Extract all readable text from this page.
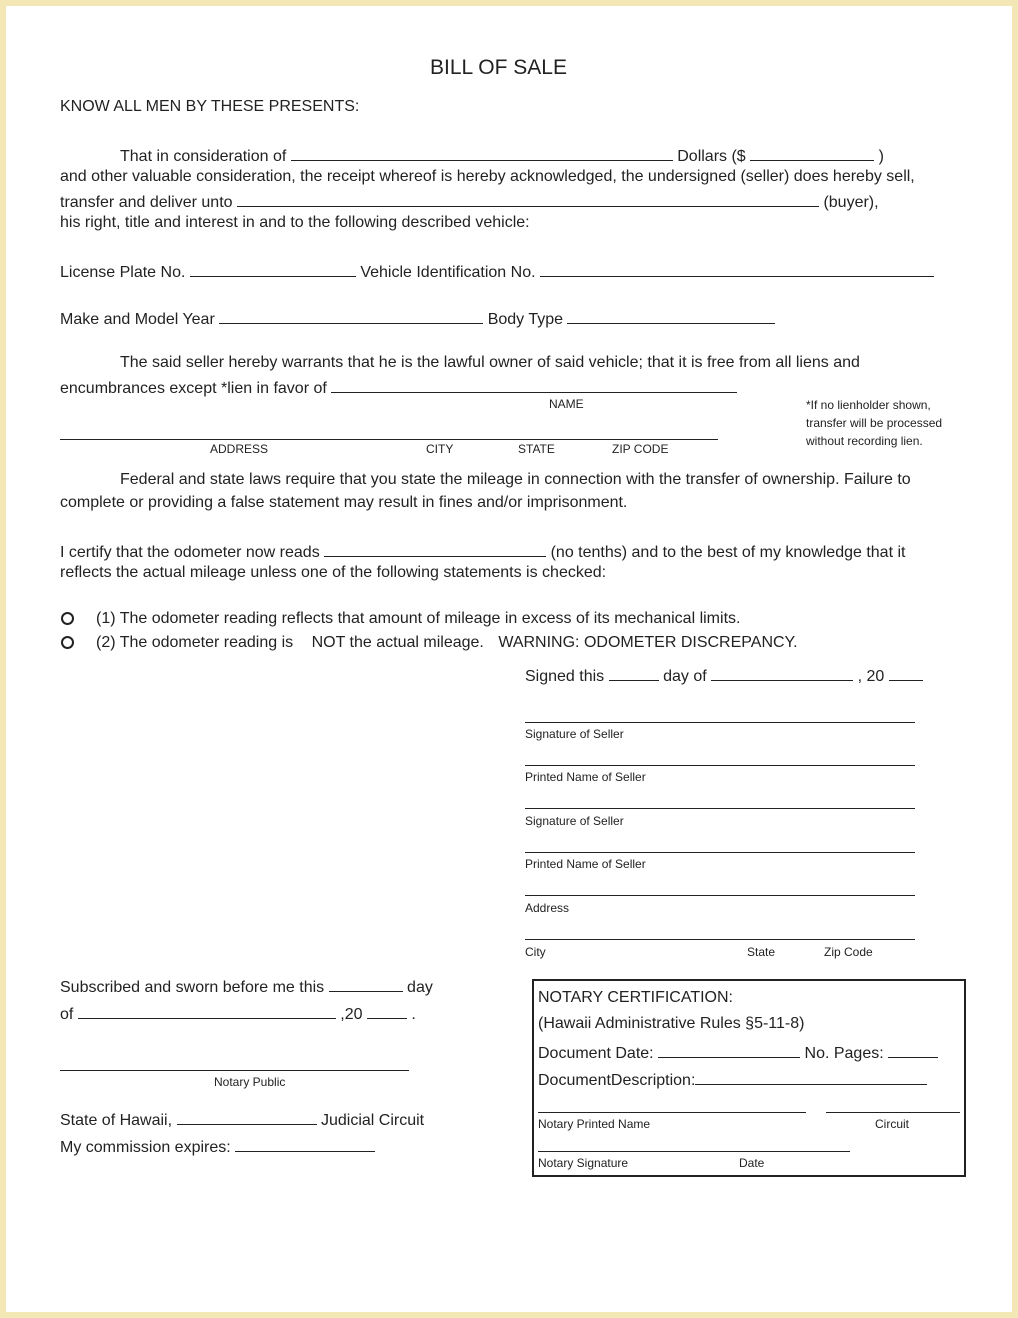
BILL OF SALE
KNOW ALL MEN BY THESE PRESENTS:
That in consideration of	Dollars ($	)
and other valuable consideration, the receipt whereof is hereby acknowledged, the undersigned (seller) does hereby sell,
transfer and deliver unto	(buyer),
his right, title and interest in and to the following described vehicle:
License Plate No.	Vehicle Identification No.
Make and Model Year	Body Type
The said seller hereby warrants that he is the lawful owner of said vehicle; that it is free from all liens and
encumbrances except *lien in favor of
NAME	*If no lienholder shown,
transfer will be processed
without recording lien.
ADDRESS	CITY	STATE	ZIP CODE
Federal and state laws require that you state the mileage in connection with the transfer of ownership. Failure to
complete or providing a false statement may result in fines and/or imprisonment.
I certify that the odometer now reads	(no tenths) and to the best of my knowledge that it
reflects the actual mileage unless one of the following statements is checked:
(1) The odometer reading reflects that amount of mileage in excess of its mechanical limits.
(2) The odometer reading is NOT the actual mileage. WARNING: ODOMETER DISCREPANCY.
Signed this	day of	, 20
Signature of Seller
Printed Name of Seller
Signature of Seller
Printed Name of Seller
Address
City	State	Zip Code
Subscribed and sworn before me this	day
of	,20	.
Notary Public
State of Hawaii,	Judicial Circuit
My commission expires:
NOTARY CERTIFICATION:
(Hawaii Administrative Rules §5-11-8)
Document Date:	No. Pages:
DocumentDescription:
Notary Printed Name	Circuit
Notary Signature	Date
